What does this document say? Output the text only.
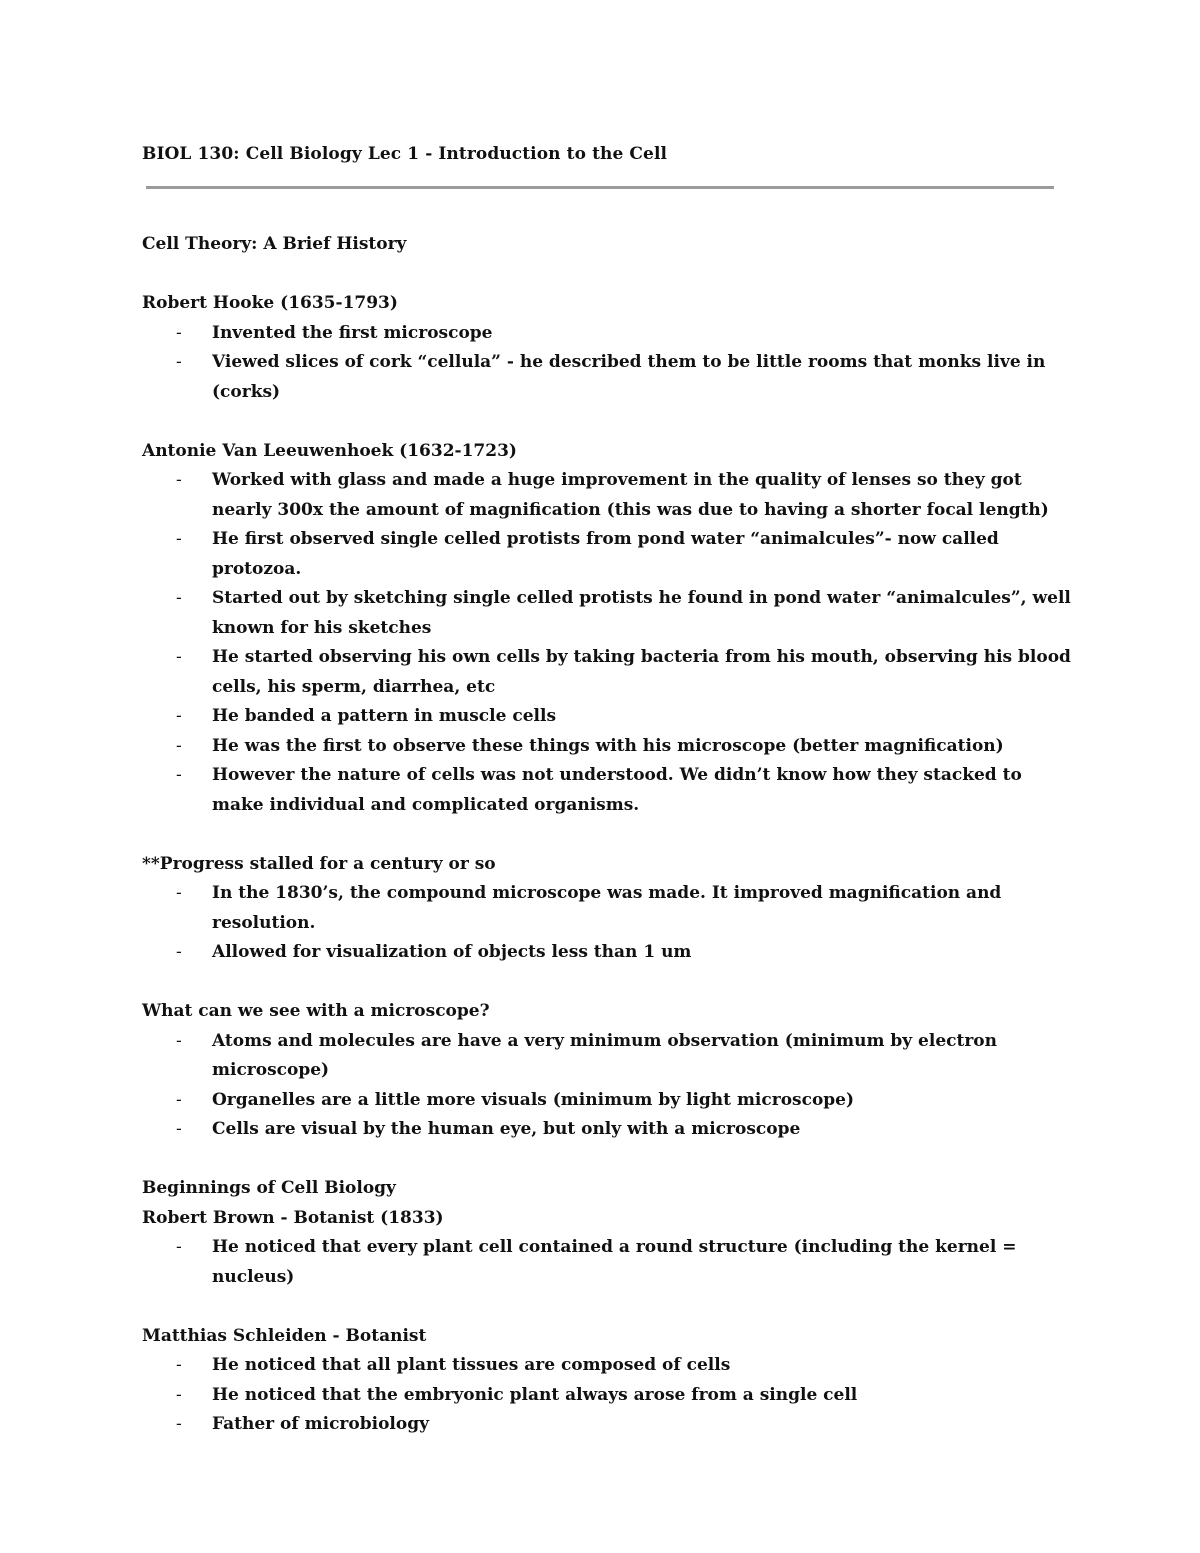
BIOL 130: Cell Biology Lec 1 - Introduction to the Cell
Cell Theory: A Brief History
Robert Hooke (1635-1793)
- Invented the first microscope
- Viewed slices of cork “cellula” - he described them to be little rooms that monks live in (corks)
Antonie Van Leeuwenhoek (1632-1723)
- Worked with glass and made a huge improvement in the quality of lenses so they got nearly 300x the amount of magnification (this was due to having a shorter focal length)
- He first observed single celled protists from pond water “animalcules”- now called protozoa.
- Started out by sketching single celled protists he found in pond water “animalcules”, well known for his sketches
- He started observing his own cells by taking bacteria from his mouth, observing his blood cells, his sperm, diarrhea, etc
- He banded a pattern in muscle cells
- He was the first to observe these things with his microscope (better magnification)
- However the nature of cells was not understood. We didn’t know how they stacked to make individual and complicated organisms.
**Progress stalled for a century or so
- In the 1830’s, the compound microscope was made. It improved magnification and resolution.
- Allowed for visualization of objects less than 1 um
What can we see with a microscope?
- Atoms and molecules are have a very minimum observation (minimum by electron microscope)
- Organelles are a little more visuals (minimum by light microscope)
- Cells are visual by the human eye, but only with a microscope
Beginnings of Cell Biology
Robert Brown - Botanist (1833)
- He noticed that every plant cell contained a round structure (including the kernel = nucleus)
Matthias Schleiden - Botanist
- He noticed that all plant tissues are composed of cells
- He noticed that the embryonic plant always arose from a single cell
- Father of microbiology
